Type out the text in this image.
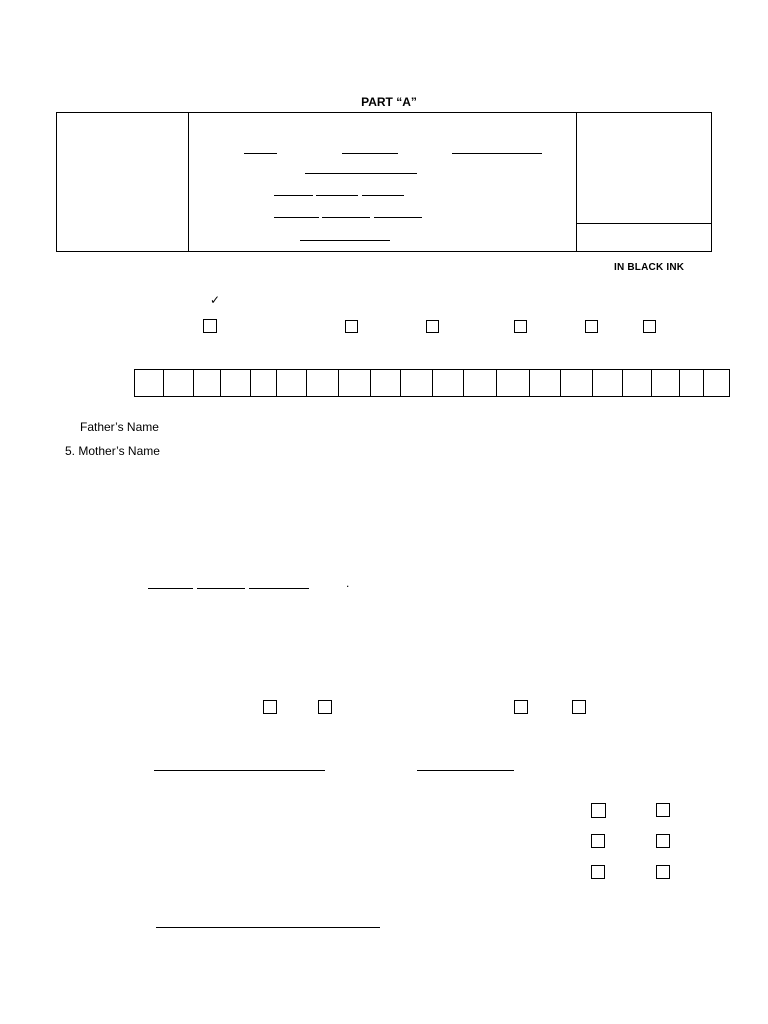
PART “A”
IN BLACK INK
✓
Father’s Name
5. Mother’s Name
.
